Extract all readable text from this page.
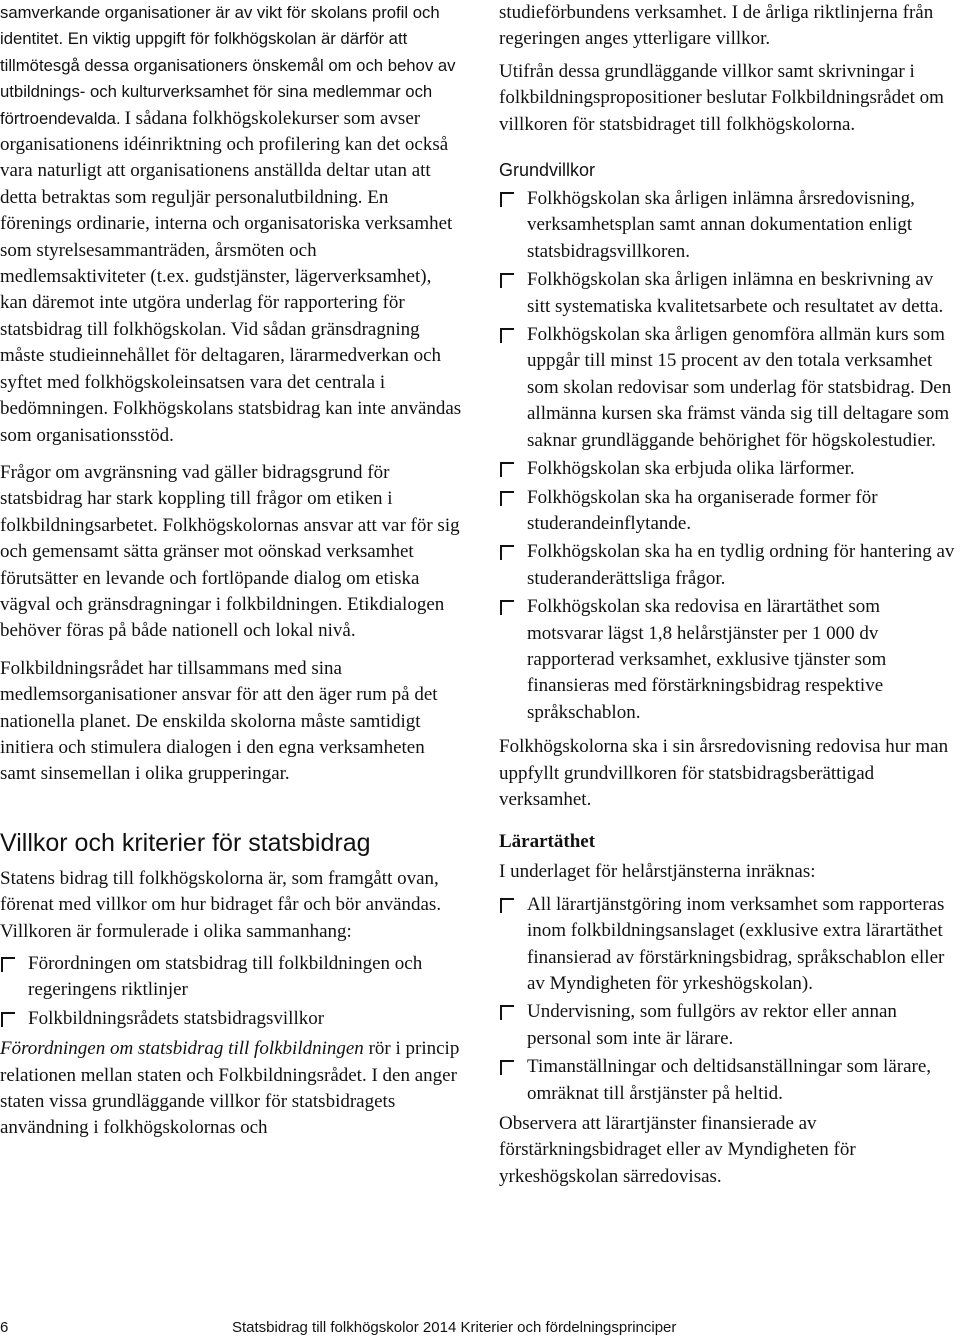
samverkande organisationer är av vikt för skolans profil och identitet. En viktig uppgift för folkhögskolan är därför att tillmötesgå dessa organisationers önskemål om och behov av utbildnings- och kulturverksamhet för sina medlemmar och förtroendevalda. I sådana folkhögskolekurser som avser organisationens idéinriktning och profilering kan det också vara naturligt att organisationens anställda deltar utan att detta betraktas som reguljär personalutbildning. En förenings ordinarie, interna och organisatoriska verksamhet som styrelsesammanträden, årsmöten och medlemsaktiviteter (t.ex. gudstjänster, lägerverksamhet), kan däremot inte utgöra underlag för rapportering för statsbidrag till folkhögskolan. Vid sådan gränsdragning måste studieinnehållet för deltagaren, lärarmedverkan och syftet med folkhögskoleinsatsen vara det centrala i bedömningen. Folkhögskolans statsbidrag kan inte användas som organisationsstöd.

Frågor om avgränsning vad gäller bidragsgrund för statsbidrag har stark koppling till frågor om etiken i folkbildningsarbetet. Folkhögskolornas ansvar att var för sig och gemensamt sätta gränser mot oönskad verksamhet förutsätter en levande och fortlöpande dialog om etiska vägval och gränsdragningar i folkbildningen. Etikdialogen behöver föras på både nationell och lokal nivå.

Folkbildningsrådet har tillsammans med sina medlemsorganisationer ansvar för att den äger rum på det nationella planet. De enskilda skolorna måste samtidigt initiera och stimulera dialogen i den egna verksamheten samt sinsemellan i olika grupperingar.

Villkor och kriterier för statsbidrag

Statens bidrag till folkhögskolorna är, som framgått ovan, förenat med villkor om hur bidraget får och bör användas. Villkoren är formulerade i olika sammanhang:

Förordningen om statsbidrag till folkbildningen och regeringens riktlinjer
Folkbildningsrådets statsbidragsvillkor

Förordningen om statsbidrag till folkbildningen rör i princip relationen mellan staten och Folkbildningsrådet. I den anger staten vissa grundläggande villkor för statsbidragets användning i folkhögskolornas och

studieförbundens verksamhet. I de årliga riktlinjerna från regeringen anges ytterligare villkor.

Utifrån dessa grundläggande villkor samt skrivningar i folkbildningspropositioner beslutar Folkbildningsrådet om villkoren för statsbidraget till folkhögskolorna.

Grundvillkor
Folkhögskolan ska årligen inlämna årsredovisning, verksamhetsplan samt annan dokumentation enligt statsbidragsvillkoren.
Folkhögskolan ska årligen inlämna en beskrivning av sitt systematiska kvalitetsarbete och resultatet av detta.
Folkhögskolan ska årligen genomföra allmän kurs som uppgår till minst 15 procent av den totala verksamhet som skolan redovisar som underlag för statsbidrag. Den allmänna kursen ska främst vända sig till deltagare som saknar grundläggande behörighet för högskolestudier.
Folkhögskolan ska erbjuda olika lärformer.
Folkhögskolan ska ha organiserade former för studerandeinflytande.
Folkhögskolan ska ha en tydlig ordning för hantering av studeranderättsliga frågor.
Folkhögskolan ska redovisa en lärartäthet som motsvarar lägst 1,8 helårstjänster per 1 000 dv rapporterad verksamhet, exklusive tjänster som finansieras med förstärkningsbidrag respektive språkschablon.

Folkhögskolorna ska i sin årsredovisning redovisa hur man uppfyllt grundvillkoren för statsbidragsberättigad verksamhet.

Lärartäthet

I underlaget för helårstjänsterna inräknas:

All lärartjänstgöring inom verksamhet som rapporteras inom folkbildningsanslaget (exklusive extra lärartäthet finansierad av förstärkningsbidrag, språkschablon eller av Myndigheten för yrkeshögskolan).
Undervisning, som fullgörs av rektor eller annan personal som inte är lärare.
Timanställningar och deltidsanställningar som lärare, omräknat till årstjänster på heltid.

Observera att lärartjänster finansierade av förstärkningsbidraget eller av Myndigheten för yrkeshögskolan särredovisas.

6	Statsbidrag till folkhögskolor 2014 Kriterier och fördelningsprinciper
